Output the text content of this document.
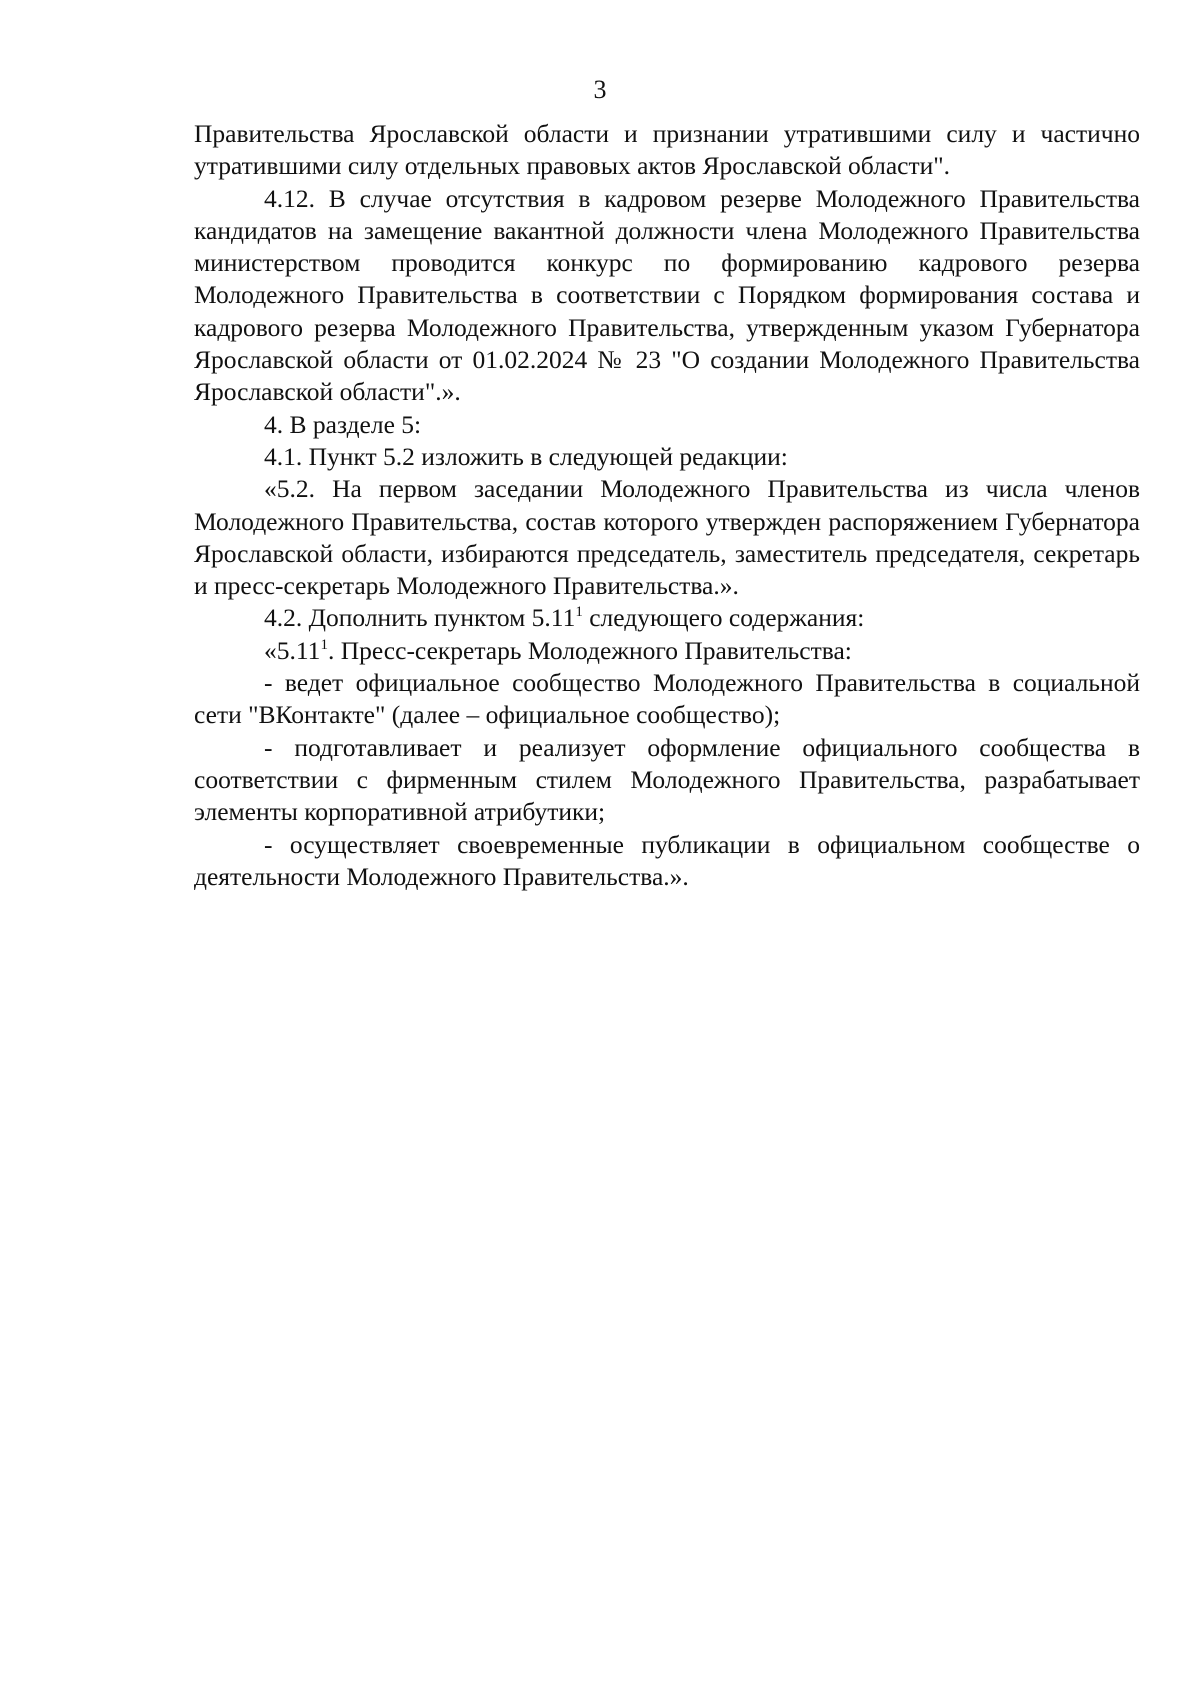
3

Правительства Ярославской области и признании утратившими силу и частично утратившими силу отдельных правовых актов Ярославской области".

4.12. В случае отсутствия в кадровом резерве Молодежного Правительства кандидатов на замещение вакантной должности члена Молодежного Правительства министерством проводится конкурс по формированию кадрового резерва Молодежного Правительства в соответствии с Порядком формирования состава и кадрового резерва Молодежного Правительства, утвержденным указом Губернатора Ярославской области от 01.02.2024 № 23 "О создании Молодежного Правительства Ярославской области".».

4. В разделе 5:

4.1. Пункт 5.2 изложить в следующей редакции:

«5.2. На первом заседании Молодежного Правительства из числа членов Молодежного Правительства, состав которого утвержден распоряжением Губернатора Ярославской области, избираются председатель, заместитель председателя, секретарь и пресс-секретарь Молодежного Правительства.».

4.2. Дополнить пунктом 5.11$^1$ следующего содержания:

«5.11$^1$. Пресс-секретарь Молодежного Правительства:

- ведет официальное сообщество Молодежного Правительства в социальной сети "ВКонтакте" (далее – официальное сообщество);

- подготавливает и реализует оформление официального сообщества в соответствии с фирменным стилем Молодежного Правительства, разрабатывает элементы корпоративной атрибутики;

- осуществляет своевременные публикации в официальном сообществе о деятельности Молодежного Правительства.».
